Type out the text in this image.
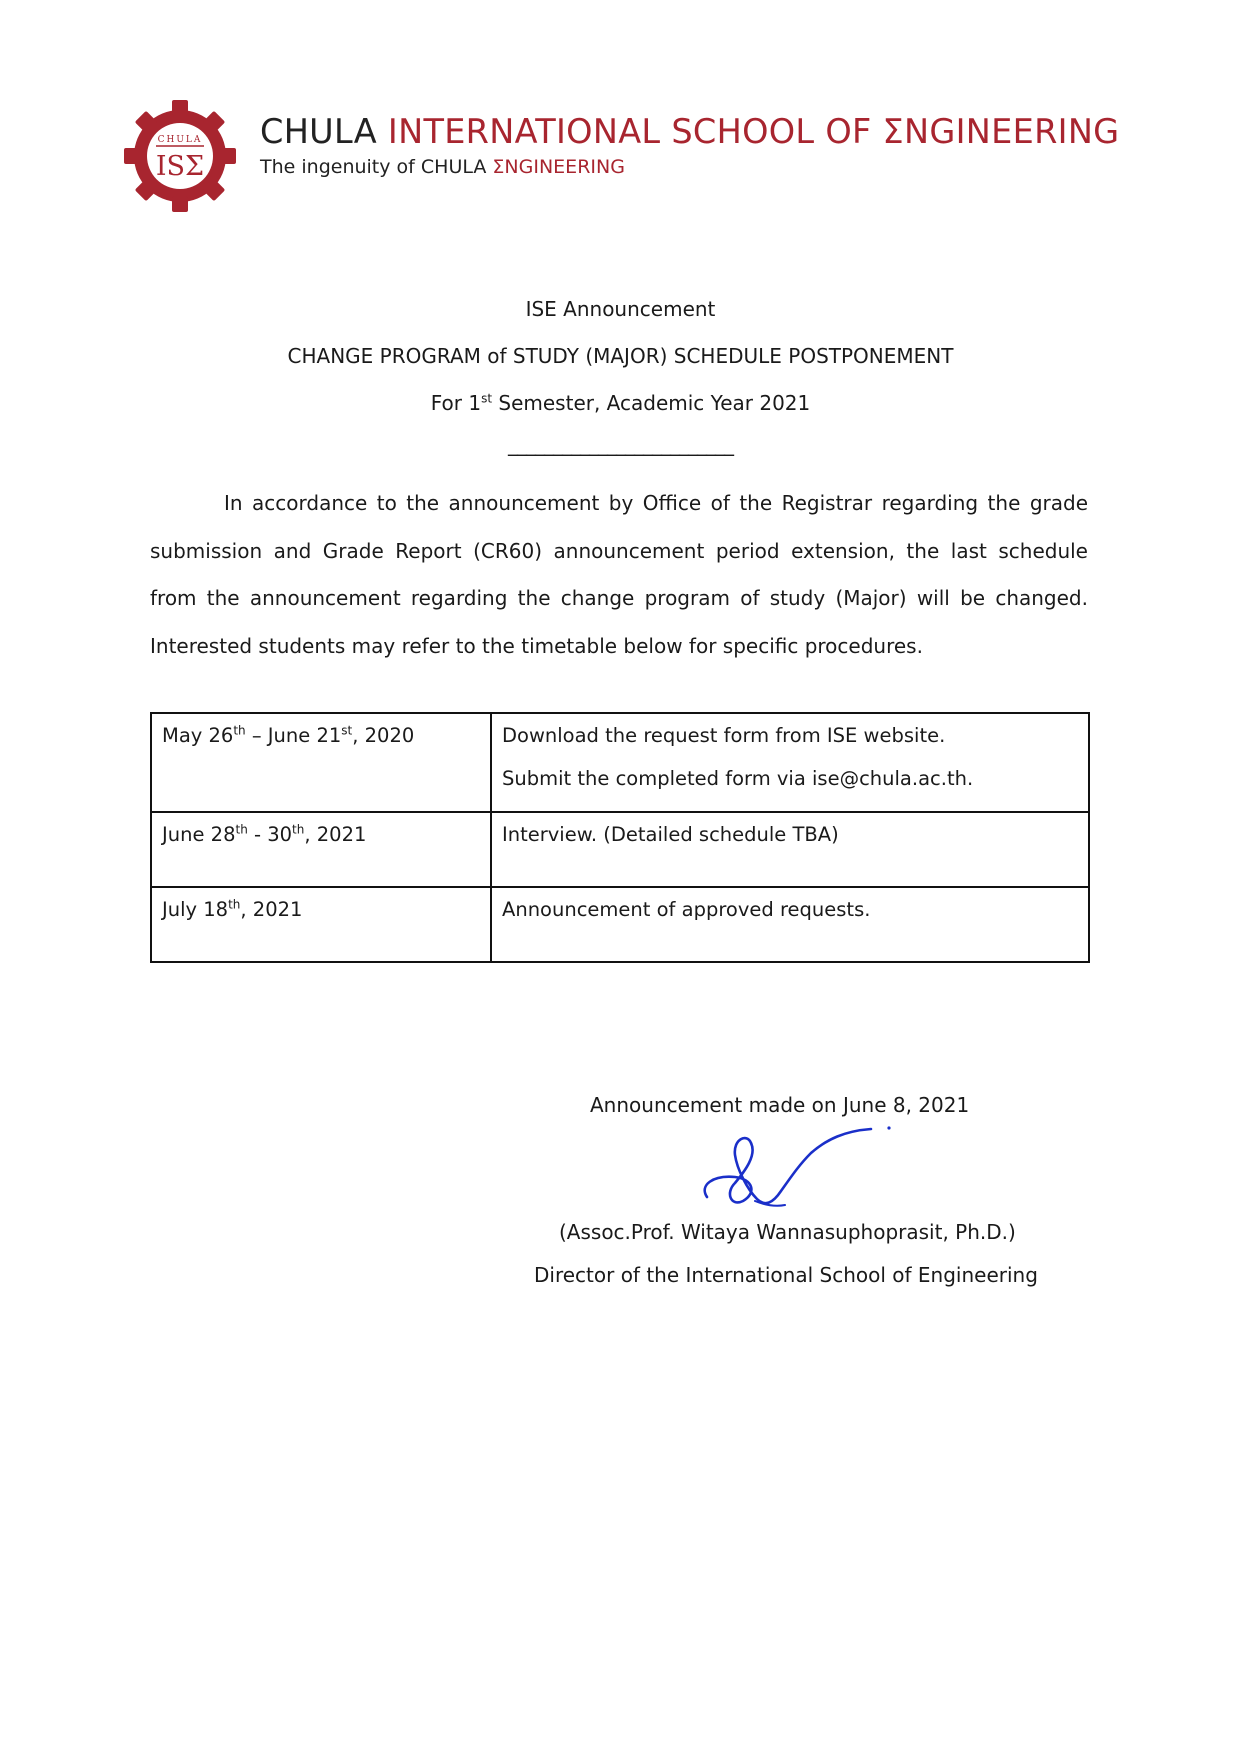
CHULA
ISΣ
CHULA INTERNATIONAL SCHOOL OF ΣNGINEERING
The ingenuity of CHULA ΣNGINEERING
ISE Announcement
CHANGE PROGRAM of STUDY (MAJOR) SCHEDULE POSTPONEMENT
For 1st Semester, Academic Year 2021
_________________________
In accordance to the announcement by Office of the Registrar regarding the grade submission and Grade Report (CR60) announcement period extension, the last schedule from the announcement regarding the change program of study (Major) will be changed. Interested students may refer to the timetable below for specific procedures.
May 26th – June 21st, 2020	Download the request form from ISE website.
Submit the completed form via ise@chula.ac.th.

June 28th - 30th, 2021	Interview. (Detailed schedule TBA)

July 18th, 2021	Announcement of approved requests.
Announcement made on June 8, 2021
(Assoc.Prof. Witaya Wannasuphoprasit, Ph.D.)
Director of the International School of Engineering
